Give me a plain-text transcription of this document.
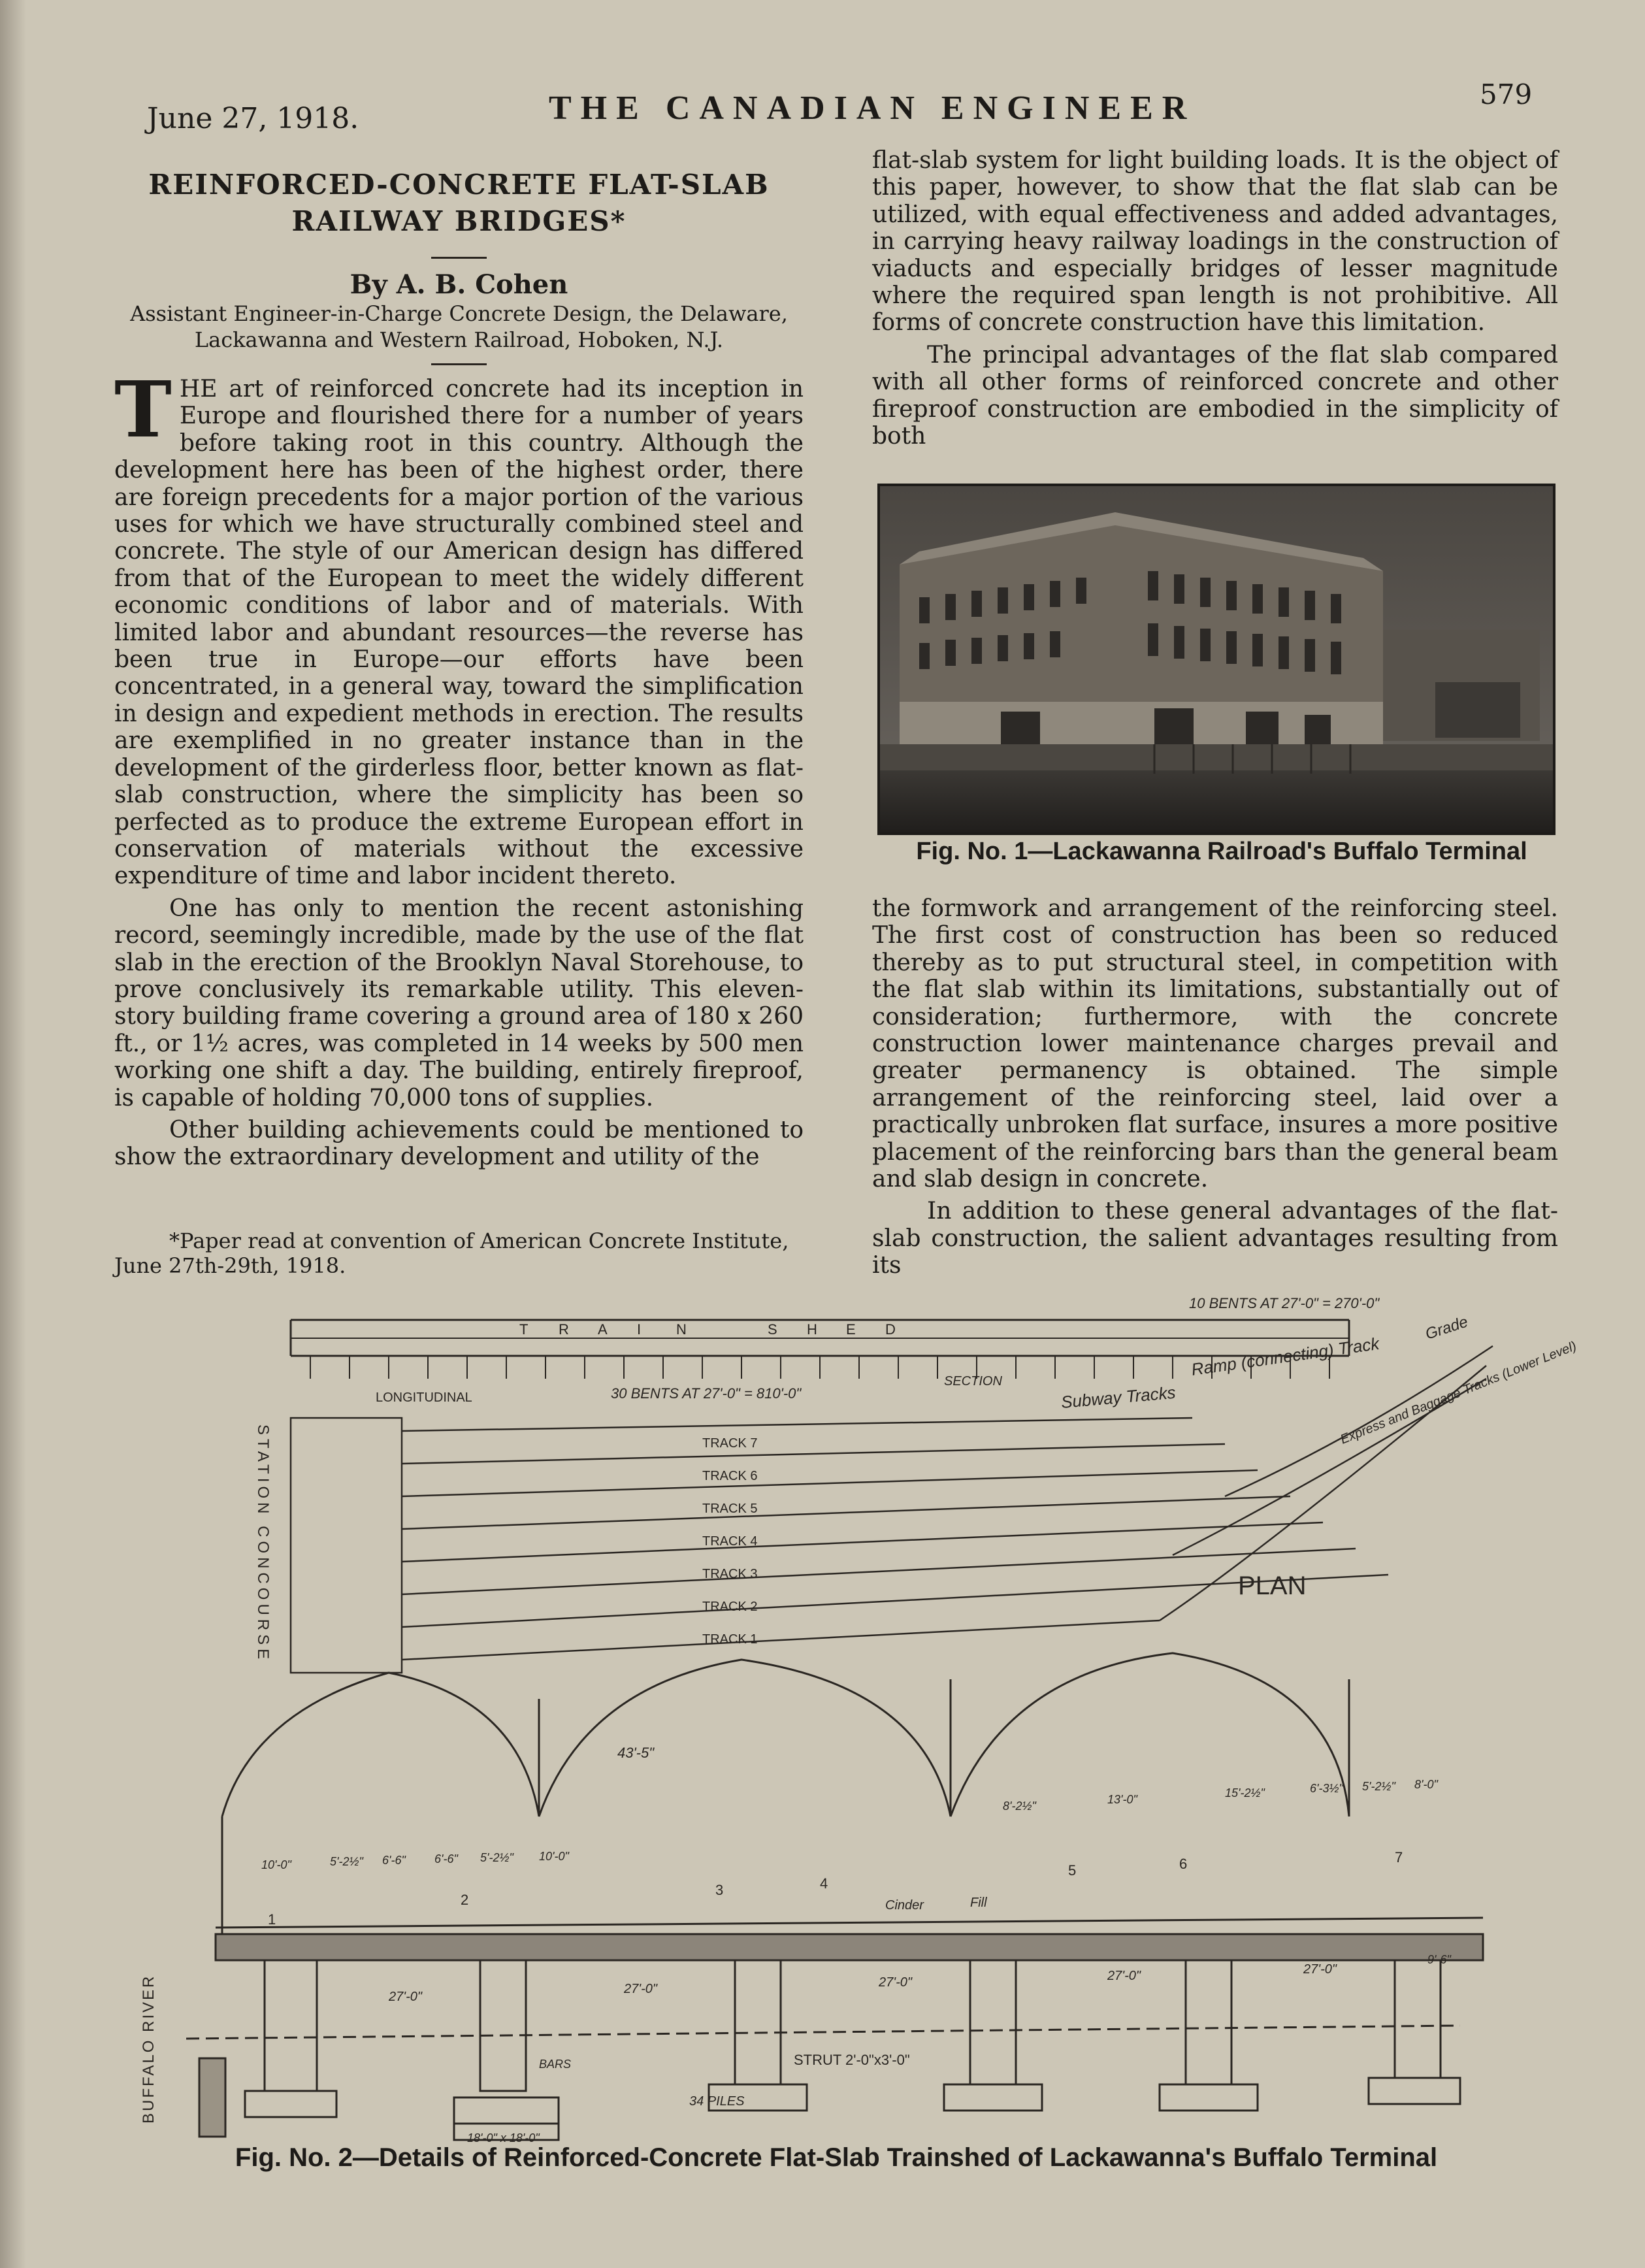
June 27, 1918.	THE CANADIAN ENGINEER	579

REINFORCED-CONCRETE FLAT-SLAB RAILWAY BRIDGES*

By A. B. Cohen

Assistant Engineer-in-Charge Concrete Design, the Delaware, Lackawanna and Western Railroad, Hoboken, N.J.

THE art of reinforced concrete had its inception in Europe and flourished there for a number of years before taking root in this country. Although the development here has been of the highest order, there are foreign precedents for a major portion of the various uses for which we have structurally combined steel and concrete. The style of our American design has differed from that of the European to meet the widely different economic conditions of labor and of materials. With limited labor and abundant resources—the reverse has been true in Europe—our efforts have been concentrated, in a general way, toward the simplification in design and expedient methods in erection. The results are exemplified in no greater instance than in the development of the girderless floor, better known as flat-slab construction, where the simplicity has been so perfected as to produce the extreme European effort in conservation of materials without the excessive expenditure of time and labor incident thereto.

One has only to mention the recent astonishing record, seemingly incredible, made by the use of the flat slab in the erection of the Brooklyn Naval Storehouse, to prove conclusively its remarkable utility. This eleven-story building frame covering a ground area of 180 x 260 ft., or 1½ acres, was completed in 14 weeks by 500 men working one shift a day. The building, entirely fireproof, is capable of holding 70,000 tons of supplies.

Other building achievements could be mentioned to show the extraordinary development and utility of the

*Paper read at convention of American Concrete Institute, June 27th-29th, 1918.

flat-slab system for light building loads. It is the object of this paper, however, to show that the flat slab can be utilized, with equal effectiveness and added advantages, in carrying heavy railway loadings in the construction of viaducts and especially bridges of lesser magnitude where the required span length is not prohibitive. All forms of concrete construction have this limitation.

The principal advantages of the flat slab compared with all other forms of reinforced concrete and other fireproof construction are embodied in the simplicity of both

Fig. No. 1—Lackawanna Railroad's Buffalo Terminal

the formwork and arrangement of the reinforcing steel. The first cost of construction has been so reduced thereby as to put structural steel, in competition with the flat slab within its limitations, substantially out of consideration; furthermore, with the concrete construction lower maintenance charges prevail and greater permanency is obtained. The simple arrangement of the reinforcing steel, laid over a practically unbroken flat surface, insures a more positive placement of the reinforcing bars than the general beam and slab design in concrete.

In addition to these general advantages of the flat-slab construction, the salient advantages resulting from its

10 BENTS AT 27'-0" = 270'-0"
T R A I N	S H E D
LONGITUDINAL	30 BENTS AT 27'-0" = 810'-0"
SECTION
Ramp (connecting) Track
Grade
Subway Tracks	Express and Baggage Tracks (Lower Level)
PLAN
STATION CONCOURSE	TRACK 7
TRACK 6
TRACK 5
TRACK 4
TRACK 3
TRACK 2
TRACK 1
43'-5"
10'-0"	5'-2½" 6'-6" 6'-6" 5'-2½" 10'-0"
8'-2½"	13'-0"	15'-2½"	6'-3½" 5'-2½" 8'-0"
1
2
3	4
5	6	7
Cinder	Fill
27'-0"
27'-0"	27'-0"	27'-0"	27'-0"
9'-6"
STRUT 2'-0"x3'-0"
BARS
34 PILES
18'-0" x 18'-0"
BUFFALO RIVER

Fig. No. 2—Details of Reinforced-Concrete Flat-Slab Trainshed of Lackawanna's Buffalo Terminal
